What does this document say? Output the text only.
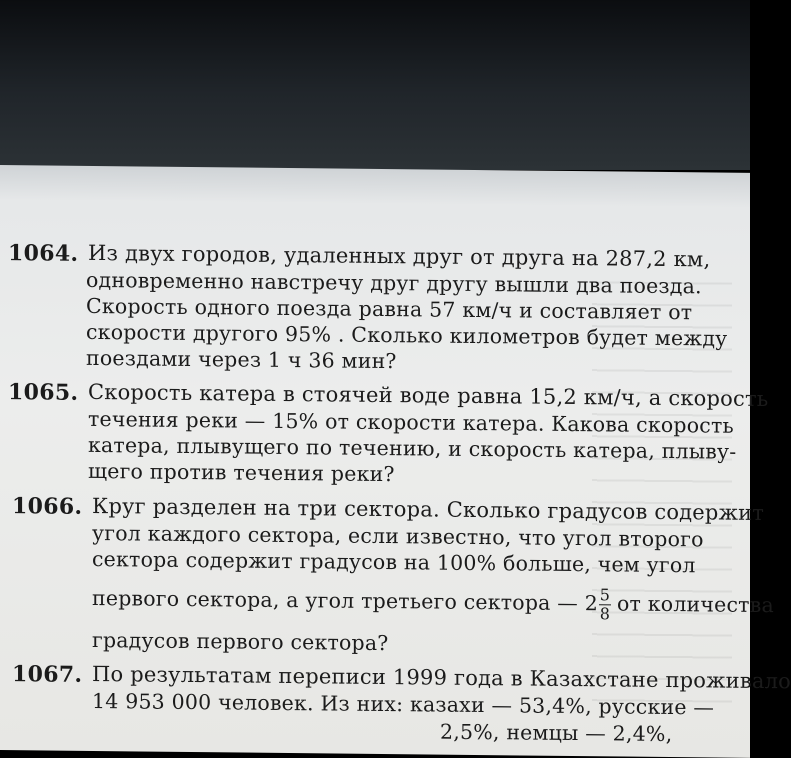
1064. Из двух городов, удаленных друг от друга на 287,2 км,
одновременно навстречу друг другу вышли два поезда.
Скорость одного поезда равна 57 км/ч и составляет от
скорости другого 95% . Сколько километров будет между
поездами через 1 ч 36 мин?
1065. Скорость катера в стоячей воде равна 15,2 км/ч, а скорость
течения реки — 15% от скорости катера. Какова скорость
катера, плывущего по течению, и скорость катера, плыву-
щего против течения реки?
1066. Круг разделен на три сектора. Сколько градусов содержит
угол каждого сектора, если известно, что угол второго
сектора содержит градусов на 100% больше, чем угол
первого сектора, а угол третьего сектора — $2 \frac{5}{8}$ от количества
градусов первого сектора?
1067. По результатам переписи 1999 года в Казахстане проживало
14 953 000 человек. Из них: казахи — 53,4%, русские —
2,5%, немцы — 2,4%,
